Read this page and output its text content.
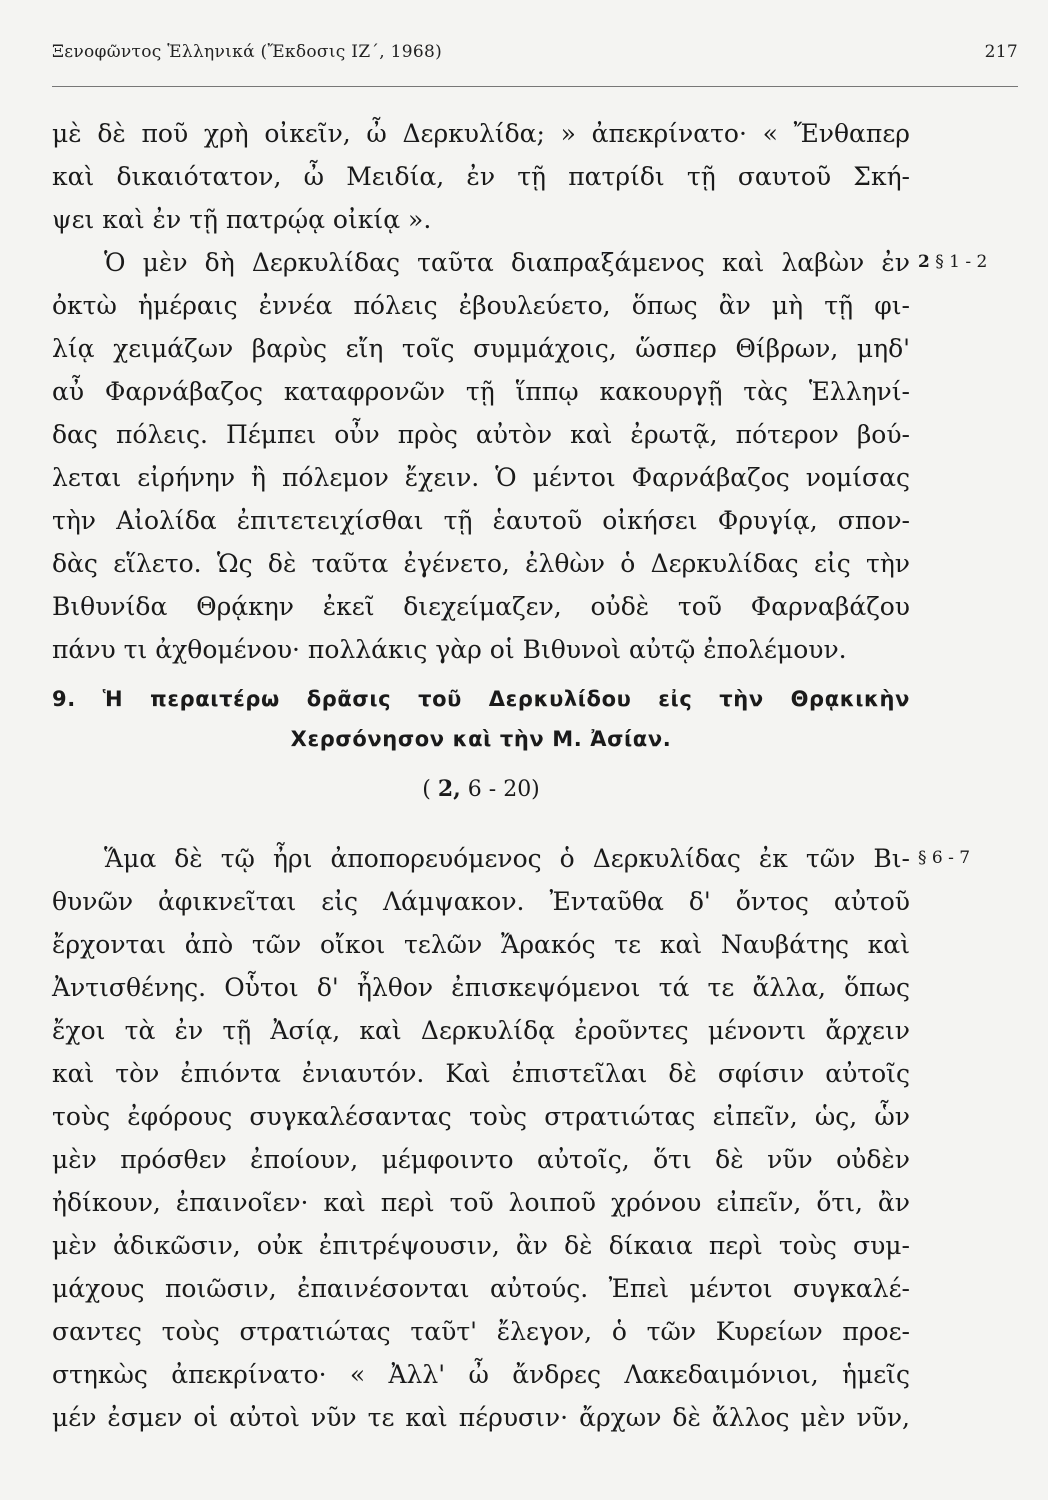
Ξενοφῶντος Ἑλληνικά (Ἔκδοσις ΙΖ΄, 1968)	217
μὲ δὲ ποῦ χρὴ οἰκεῖν, ὦ Δερκυλίδα; » ἀπεκρίνατο· « Ἔνθαπερ
καὶ δικαιότατον, ὦ Μειδία, ἐν τῇ πατρίδι τῇ σαυτοῦ Σκή-
ψει καὶ ἐν τῇ πατρῴᾳ οἰκίᾳ ».
Ὁ μὲν δὴ Δερκυλίδας ταῦτα διαπραξάμενος καὶ λαβὼν ἐν 2 § 1 - 2
ὀκτὼ ἡμέραις ἐννέα πόλεις ἐβουλεύετο, ὅπως ἂν μὴ τῇ φι-
λίᾳ χειμάζων βαρὺς εἴη τοῖς συμμάχοις, ὥσπερ Θίβρων, μηδ'
αὖ Φαρνάβαζος καταφρονῶν τῇ ἵππῳ κακουργῇ τὰς Ἑλληνί-
δας πόλεις. Πέμπει οὖν πρὸς αὐτὸν καὶ ἐρωτᾷ, πότερον βού-
λεται εἰρήνην ἢ πόλεμον ἔχειν. Ὁ μέντοι Φαρνάβαζος νομίσας
τὴν Αἰολίδα ἐπιτετειχίσθαι τῇ ἑαυτοῦ οἰκήσει Φρυγίᾳ, σπον-
δὰς εἵλετο. Ὡς δὲ ταῦτα ἐγένετο, ἐλθὼν ὁ Δερκυλίδας εἰς τὴν
Βιθυνίδα Θρᾴκην ἐκεῖ διεχείμαζεν, οὐδὲ τοῦ Φαρναβάζου
πάνυ τι ἀχθομένου· πολλάκις γὰρ οἱ Βιθυνοὶ αὐτῷ ἐπολέμουν.
9. Ἡ περαιτέρω δρᾶσις τοῦ Δερκυλίδου εἰς τὴν Θρᾳκικὴν
Χερσόνησον καὶ τὴν Μ. Ἀσίαν.
( 2, 6 - 20)
Ἅμα δὲ τῷ ἦρι ἀποπορευόμενος ὁ Δερκυλίδας ἐκ τῶν Βι- § 6 - 7
θυνῶν ἀφικνεῖται εἰς Λάμψακον. Ἐνταῦθα δ' ὄντος αὐτοῦ
ἔρχονται ἀπὸ τῶν οἴκοι τελῶν Ἄρακός τε καὶ Ναυβάτης καὶ
Ἀντισθένης. Οὗτοι δ' ἦλθον ἐπισκεψόμενοι τά τε ἄλλα, ὅπως
ἔχοι τὰ ἐν τῇ Ἀσίᾳ, καὶ Δερκυλίδᾳ ἐροῦντες μένοντι ἄρχειν
καὶ τὸν ἐπιόντα ἐνιαυτόν. Καὶ ἐπιστεῖλαι δὲ σφίσιν αὐτοῖς
τοὺς ἐφόρους συγκαλέσαντας τοὺς στρατιώτας εἰπεῖν, ὡς, ὧν
μὲν πρόσθεν ἐποίουν, μέμφοιντο αὐτοῖς, ὅτι δὲ νῦν οὐδὲν
ἠδίκουν, ἐπαινοῖεν· καὶ περὶ τοῦ λοιποῦ χρόνου εἰπεῖν, ὅτι, ἂν
μὲν ἀδικῶσιν, οὐκ ἐπιτρέψουσιν, ἂν δὲ δίκαια περὶ τοὺς συμ-
μάχους ποιῶσιν, ἐπαινέσονται αὐτούς. Ἐπεὶ μέντοι συγκαλέ-
σαντες τοὺς στρατιώτας ταῦτ' ἔλεγον, ὁ τῶν Κυρείων προε-
στηκὼς ἀπεκρίνατο· « Ἀλλ' ὦ ἄνδρες Λακεδαιμόνιοι, ἡμεῖς
μέν ἐσμεν οἱ αὐτοὶ νῦν τε καὶ πέρυσιν· ἄρχων δὲ ἄλλος μὲν νῦν,
